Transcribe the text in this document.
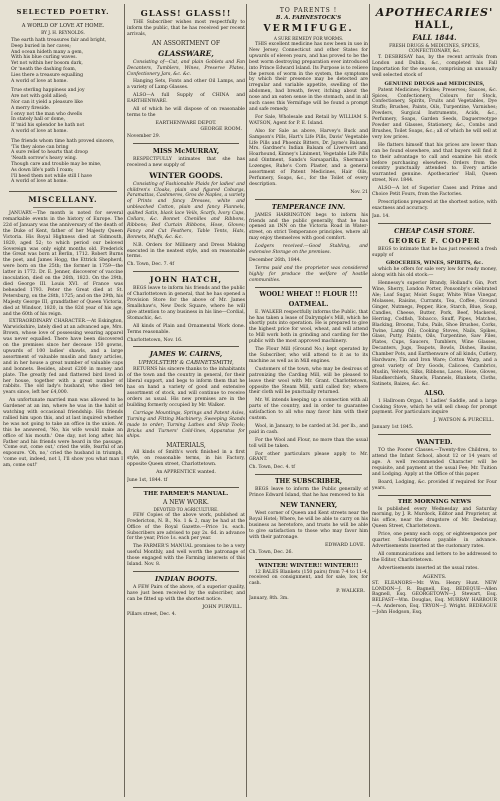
SELECTED POETRY.
A WORLD OF LOVE AT HOME.
BY J. H. REYNOLDS.
The earth hath treasures fair and bright,
Deep buried in her caves;
And ocean hideth many a gem,
With his blue curling waves.
Yet not within her bosom dark,
Or 'neath the dashing foam,
Lies there a treasure equalling
A world of love at home.
True sterling happiness and joy
Are not with gold allied;
Nor can it yield a pleasure like
A merry fireside.
I envy not the man who dwells
In stately hall or dome,
If 'mid his splendor he hath not
A world of love at home.
The friends whom time hath proved sincere,
'Tis they alone can bring
A sure relief to hearts that droop
'Neath sorrow's heavy wing.
Though care and trouble may be mine,
As down life's path I roam;
I'll heed them not while still I have
A world of love at home.
MISCELLANY.

JANUARY.—The month is noted for several remarkable events in the history of Europe. The 22d of January was the anniversary of the death of the Duke of Kent, father of her Majesty Queen Victoria. His Royal Highness died at Sidmouth, 1820, aged 52; to which period our beloved Sovereign was only eight months old. Frederick the Great was born at Berlin, 1712. Robert Burns the poet, and James Hogg, the Ettrick Shepherd, were born on the 25th; the former in 1759—the latter in 1772. Dr. E. Jenner, discoverer of vaccine inoculation, died on the 26th, 1823. On the 29th, died George III. Louis XVI. of France was beheaded 1793. Peter the Great died at St. Petersburg, on the 28th, 1725; and on the 29th, his Majesty George III, grandfather of Queen Victoria, died at Windsor, 1820, in the 82d year of his age, and the 60th of his reign.

EXTRAORDINARY CHARACTER.—At Eskington, Warwickshire, lately died at an advanced age, Mrs. Brown, whose love of possessing wearing apparel was never equalled. There have been discovered on the premises since her decease 150 gowns, upwards of 100 ladies' shawls, and a large assortment of valuable muslin and fancy articles, and in her house a great number of valuable caps and bonnets. Besides, about £200 in money and plate. The greatly fed and flattered bird lived in her house, together with a great number of rabbits. The old lady's husband, who died ten years since, left her £4,000.

An unfortunate married man was allowed to be Gardener at an inn, where he was in the habit of watching with occasional friendship. His friends rallied him upon this, and at last inquired whether he was not going to take an office in the union. At this he answered, 'No, his wife would make an office of his mouth.' One day, not long after, his Father and his friends were heard in the passage, 'Come out, come out,' cried the wife, fearful of an exposure. 'Oh, no,' cried the husband in triumph, 'come out, indeed, not I, I'll show you what man I am, come out!'

GLASS! GLASS!!

THE Subscriber wishes most respectfully to inform the public, that he has received per recent arrivals,

AN ASSORTMENT OF
GLASSWARE,

Consisting of—Cut, and plain Goblets and Fan Decanters, Tumblers, Wines, Preserve Plates, Confectionery Jars, &c. &c.

Hanging Sets, Fonts and other Oil Lamps, and a variety of Lamp Glasses.

ALSO—A full Supply of CHINA and EARTHENWARE.

All of which he will dispose of on reasonable terms to the

EARTHENWARE DEPOT.
GEORGE ROOM.
November 29.
MISS McMURRAY,

RESPECTFULLY intimates that she has received a new supply of

WINTER GOODS.

Consisting of Fashionable Plaids for ladies' and children's Cloaks, plain and figured Coburgs, Paramattas, Cashmeres, Gros de Naples, a variety of Prints and fancy Dresses, white and unbleached Cotton, plain and fancy Flannels, quilted Satin, black lace Veils, Scarfs, Ivory Caps, Collars, &c. Bonnet Chenilles and Ribbons, Ribbons; Bed Curtain Ribbons, Hose, Gloves; Fancy and Cut Feathers, Table Tents, Hats, Bonnets, Muffs, &c. &c.

N.B. Orders for Millinery and Dress Making executed in the neatest style, and on reasonable terms.

Ch. Town, Dec. 7. 4f
JOHN HATCH,

BEGS leave to inform his friends and the public of Charlottetown in general, that he has opened a Provision Store for the above of Mr. James Smallshaw's, New Dock Square, where he will give attention to any business in his line—Cordial, Stomachic, &c.

All kinds of Plain and Ornamental Work done. Terms reasonable.

Charlottetown, Nov. 16.
JAMES W. CAIRNS,
UPHOLSTERY & CABINETSMITH,

RETURNS his sincere thanks to the inhabitants of the town and the country in general, for their liberal support, and begs to inform them that he has on hand a variety of good and extensive assortment of stock, and will continue to receive orders as usual. His new premises are in the building formerly occupied by Mr. Walker.

Carriage Mountings, Springs and Patent Axles, Turning and Fitting Machinery; Sweeping Stands made to order; Turning Lathes and Ship Tools; Bricks and Turners' Cold-lines, Apparatus for ships.

MATERIALS,

All kinds of Smith's work finished in a first style, on reasonable terms, in his Factory, opposite Queen street, Charlottetown.

An APPRENTICE wanted.
June 1st, 1844. tf
THE FARMER'S MANUAL.
A NEW WORK.
DEVOTED TO AGRICULTURE.

FEW Copies of the above work, published at Fredericton, N. B., No. 1 & 2, may be had at the Office of the Royal Gazette.—Price 1s. each. Subscribers are advised to pay 2s. 6d. in advance for the year, Price 1s. each per year.

The FARMER'S MANUAL promises to be a very useful Monthly, and well worth the patronage of those engaged with the Farming interests of this Island. Nov. 8.

INDIAN BOOTS.

A FEW Pairs of the above, of a superior quality, have just been received by the subscriber, and can be fitted up with the shortest notice.

JOHN PURVILL.
Pillars street, Dec. 4.
TO PARENTS !
B. A. FAHNESTOCK'S
VERMIFUGE.
A SURE REMEDY FOR WORMS.

THIS excellent medicine has now been in use in New Jersey, Connecticut and other States for upwards of eleven years, and has proved to be the best worm destroying preparation ever introduced into Prince Edward Island. Its Purpose is to relieve the person of worm in the system, the symptoms by which their presence may be detected are irregular and variable appetite, swelling of the abdomen, bad breath, fever, itching about the nose and an eaten sense in the stomach, and in all such cases this Vermifuge will be found a prompt and safe remedy.

For Sale, Wholesale and Retail by WILLIAM S. WATSON, Agent for P. E. Island.

Also for Sale as above, Harvey's Buck and Sampson's Pills, Hart's Life Pills, Davis' Vegetable Life Pills and Phoenix Bitters, Dr. Jayne's Balsam, Mrs. Gardner's Indian Balsam of Liverwort and Hoarhound, Kinney's Liniment, Vegetable Life Pills and Ointment, Sands's Sarsaparilla, Sherman's Lozenges, Ruhe's Corn Plaster, and a general assortment of Patent Medicines, Hair Oils, Perfumery, Soaps, &c., for the Toilet of every description.

Nov. 21
TEMPERANCE INN.

JAMES HARRINGTON begs to inform his friends and the public generally, that he has opened an INN on the Victoria Road in Water-street, on strict Temperance principles, where all may enjoy themselves with good comfort.

Lodgers received.—Good Stabling, and extensive Storage on the premises.

December 26th, 1844.

Terms paid and the proprietor was considered highly for produce the welfare of hostile communities.

WOOL! WHEAT !! FLOUR !!!
OATMEAL.

E. WALKER respectfully informs the Public, that he has taken a lease of Dalrymple's Mill, which he shortly puts into operation. He is prepared to give the highest price for wool, wheat, and will attend to Mill work both in grinding and carding for the public with the most approved machinery.

The Flour Mill (Ground No.) kept operated by the Subscriber, who will attend to it as to its machine as well as in Mill engines.

Customers of the town, who may be desirous of patronizing the Carding Mill, will be pleased to leave their wool with Mr. Grant. Charlottetown, opposite the Steam Mill, until called for; where their cloth will be punctually returned.

Mr. W. intends keeping up a connection with all parts of the country, and in order to guarantee satisfaction to all who may favor him with their custom.

Wool, in January, to be carded at 3d. per lb., and paid in cash.

For the Wool and Flour, no more than the usual toll will be taken.

For other particulars please apply to Mr. GRANT.

Ch. Town, Dec. 4. tf
THE SUBSCRIBER,

BEGS leave to inform the Public generally of Prince Edward Island, that he has removed to his

NEW TANNERY,

West corner of Queen and Kent streets near the Royal Hotel; Where, he will be able to carry on his business as heretofore, and trusts he will be able to give satisfaction to those who may favor him with their patronage.

EDWARD LOVE.
Ch. Town, Dec. 26.
WINTER! WINTER!! WINTER!!!

12 BALES Blankets (150 pairs) from 7-4 to 11-4, received on consignment, and for sale, low, for cash.

P. WALKER.
January, 8th. 3m.
APOTHECARIES'
HALL,
FALL 1844.
FRESH DRUGS & MEDICINES, SPICES, CONFECTIONARY, &c.

T. DESBRISAY has, by the recent arrivals from London and Dublin, &c., completed his Fall Importation for the season, comprising an unusually well selected stock of

GENUINE DRUGS and MEDICINES,

Patent Medicines; Pickles; Preserves; Sauces, &c. Spices, Confectionery, Colours for Stock, Confectionery, Spirits, Fruits and Vegetables, Dye Stuffs; Brushes, Paints, Oils, Turpentine, Varnishes; Powders, Surgical Instruments, Acids, &c., Perfumery, Soaps, Garden Seeds, Daguerreotype Powder and Glasses, Stationery, &c., Combs and Brushes, Toilet Soaps, &c.; all of which he will sell at very low prices.

He flatters himself that his prices are lower than can be found elsewhere, and that buyers will find it to their advantage to call and examine his stock before purchasing elsewhere. Orders from the country punctually attended to. Every article warranted genuine. Apothecaries' Hall, Queen street, Nov. 1844.

ALSO—A lot of Superior Cases and Prime and Choice Petit Fours, from the Factories.

Prescriptions prepared at the shortest notice, with exactness and accuracy.

Jan. 14.
CHEAP CASH STORE.
GEORGE F. COOPER

BEGS to intimate that he has just received a fresh supply of

GROCERIES, WINES, SPIRITS, &c.

which he offers for sale very low for ready money, along with his old stock:—

Hennessy's superior Brandy, Holland's Gin, Port Wine, Sherry, London Porter, Ponsonby's celebrated Ale; Loaf Sugar, Moist Sugar, White Wine Vinegar, Molasses, Raisins, Currants, Tea, Coffee, Ground Ginger, Nutmegs, Pepper, Rice, Starch, Blue, Soap, Candles, Cheese, Butter, Pork, Beef, Mackerel, Herring, Codfish, Tobacco, Snuff, Pipes, Matches, Blacking, Brooms, Tubs, Pails, Shoe Brushes, Corks, Twine, Lamp Oil; Cooking Stoves, Nails, Spikes, Glass, Putty, Paints, Oils, Turpentine, Saw Files, Plates, Cups, Saucers, Tumblers, Wine Glasses, Decanters, Jugs, Teapots, Bowls, Dishes, Basins, Chamber Pots, and Earthenware of all kinds, Cutlery, Hardware, Tin and Iron Ware; Cotton Warp, and a great variety of Dry Goods, Calicoes, Cambrics, Muslin, Velvets, Silks, Ribbons, Laces, Hose, Gloves, Handkerchiefs, Shawls, Flannels, Blankets, Cloths, Satinets, Baizes, &c. &c.

ALSO.

1 Hallroom Organ, 1 Ladies' Saddle, and a large Cooking Stove, which he will sell cheap for prompt payment. For particulars inquire

J. WATSON & PURCELL.
January 1st 1845.
WANTED.

TO the Poorer Classes.—Twenty-five Children, to attend the Infant School, about 12 or 14 years of age. A well recommended Character will be requisite, and payment at the usual Fee; Mr. Tuition and Lodging. Apply at the Office of this paper.

Board, Lodging, &c. provided if required for Four years.

THE MORNING NEWS

Is published every Wednesday and Saturday morning, by J. R. Murdock, Editor and Proprietor, at his office, near the drugstore of Mr. Desbrisay, Queen Street, Charlottetown.

Price, one penny each copy, or eighteenpence per quarter. Subscriptions payable in advance. Advertisements inserted at the customary rates.

All communications and letters to be addressed to the Editor, Charlottetown.

Advertisements inserted at the usual rates.

AGENTS.

ST. ELEANORS—Mr. Wm. Henry Hunt. NEW LONDON—J. R. Bagnell, Esq. BEDEQUE—Allen Bagnell, Esq. GEORGETOWN—J. Stewart, Esq. BELFAST—Wm. Douglas, Esq. MURRAY HARBOUR—A. Anderson, Esq. TRYON—J. Wright. BEDEAGUE—John Hodgson, Esq.
